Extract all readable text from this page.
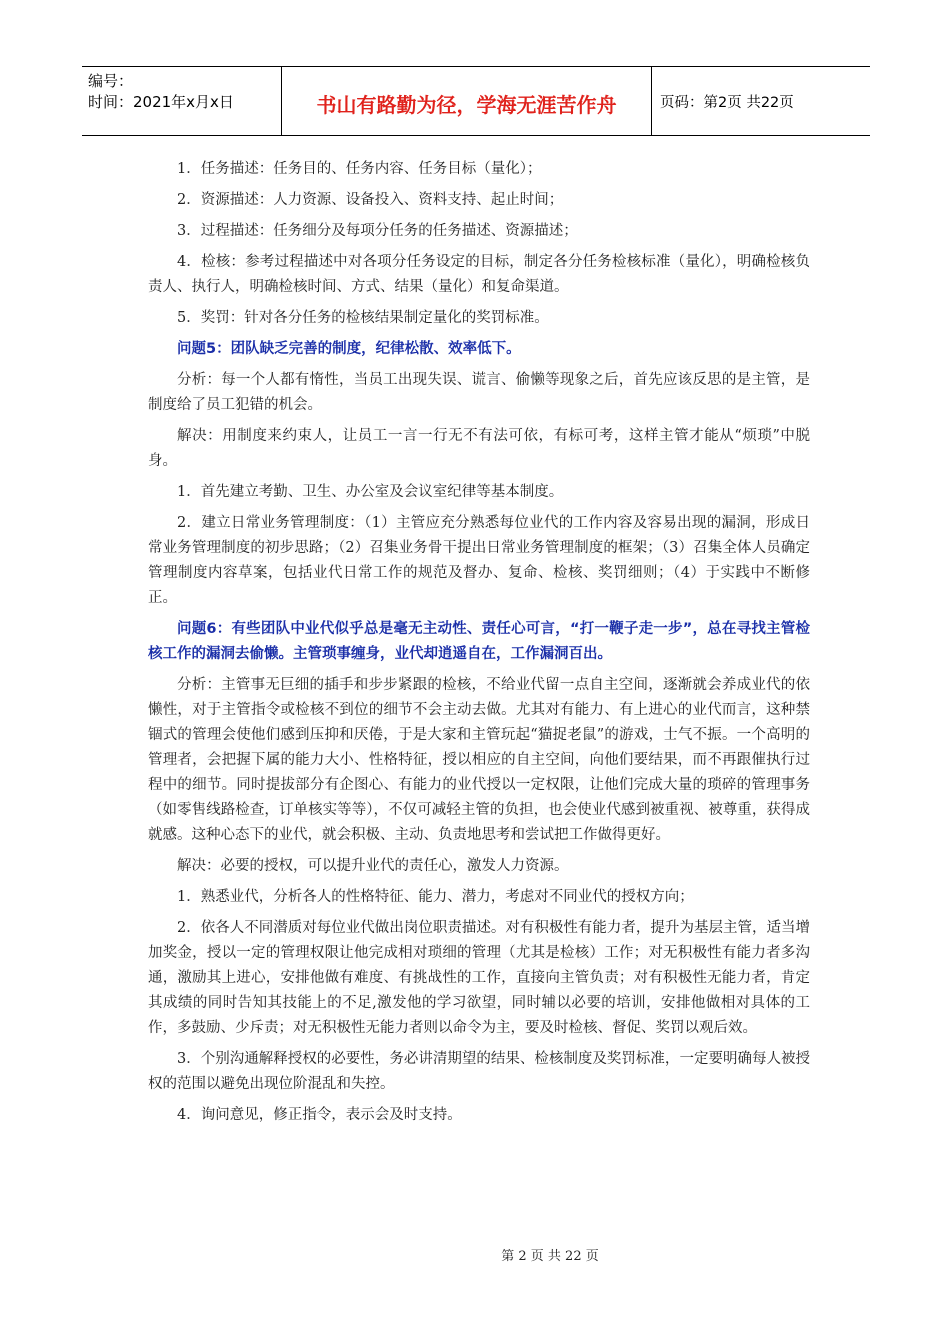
编号：
时间：2021年x月x日	书山有路勤为径，学海无涯苦作舟	页码：第2页 共22页

1．任务描述：任务目的、任务内容、任务目标（量化）；

2．资源描述：人力资源、设备投入、资料支持、起止时间；

3．过程描述：任务细分及每项分任务的任务描述、资源描述；

4．检核：参考过程描述中对各项分任务设定的目标，制定各分任务检核标准（量化），明确检核负责人、执行人，明确检核时间、方式、结果（量化）和复命渠道。

5．奖罚：针对各分任务的检核结果制定量化的奖罚标准。

问题5：团队缺乏完善的制度，纪律松散、效率低下。

分析：每一个人都有惰性，当员工出现失误、谎言、偷懒等现象之后，首先应该反思的是主管，是制度给了员工犯错的机会。

解决：用制度来约束人，让员工一言一行无不有法可依，有标可考，这样主管才能从“烦琐”中脱身。

1．首先建立考勤、卫生、办公室及会议室纪律等基本制度。

2．建立日常业务管理制度：（1）主管应充分熟悉每位业代的工作内容及容易出现的漏洞，形成日常业务管理制度的初步思路；（2）召集业务骨干提出日常业务管理制度的框架；（3）召集全体人员确定管理制度内容草案，包括业代日常工作的规范及督办、复命、检核、奖罚细则；（4）于实践中不断修正。

问题6：有些团队中业代似乎总是毫无主动性、责任心可言，“打一鞭子走一步”，总在寻找主管检核工作的漏洞去偷懒。主管琐事缠身，业代却逍遥自在，工作漏洞百出。

分析：主管事无巨细的插手和步步紧跟的检核，不给业代留一点自主空间，逐渐就会养成业代的依懒性，对于主管指令或检核不到位的细节不会主动去做。尤其对有能力、有上进心的业代而言，这种禁锢式的管理会使他们感到压抑和厌倦，于是大家和主管玩起“猫捉老鼠”的游戏，士气不振。一个高明的管理者，会把握下属的能力大小、性格特征，授以相应的自主空间，向他们要结果，而不再跟催执行过程中的细节。同时提拔部分有企图心、有能力的业代授以一定权限，让他们完成大量的琐碎的管理事务（如零售线路检查，订单核实等等），不仅可减轻主管的负担，也会使业代感到被重视、被尊重，获得成就感。这种心态下的业代，就会积极、主动、负责地思考和尝试把工作做得更好。

解决：必要的授权，可以提升业代的责任心，激发人力资源。

1．熟悉业代，分析各人的性格特征、能力、潜力，考虑对不同业代的授权方向；

2．依各人不同潜质对每位业代做出岗位职责描述。对有积极性有能力者，提升为基层主管，适当增加奖金，授以一定的管理权限让他完成相对琐细的管理（尤其是检核）工作；对无积极性有能力者多沟通，激励其上进心，安排他做有难度、有挑战性的工作，直接向主管负责；对有积极性无能力者，肯定其成绩的同时告知其技能上的不足,激发他的学习欲望，同时辅以必要的培训，安排他做相对具体的工作，多鼓励、少斥责；对无积极性无能力者则以命令为主，要及时检核、督促、奖罚以观后效。

3．个别沟通解释授权的必要性，务必讲清期望的结果、检核制度及奖罚标准，一定要明确每人被授权的范围以避免出现位阶混乱和失控。

4．询问意见，修正指令，表示会及时支持。

第 2 页 共 22 页
